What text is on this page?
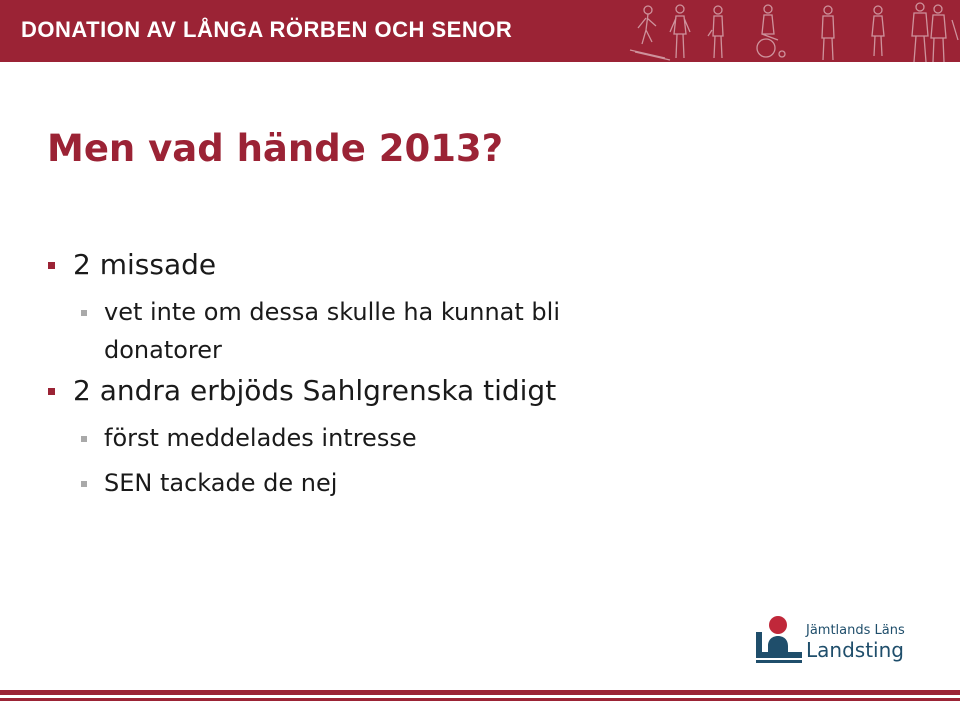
DONATION AV LÅNGA RÖRBEN OCH SENOR
Men vad hände 2013?
2 missade
vet inte om dessa skulle ha kunnat bli
donatorer
2 andra erbjöds Sahlgrenska tidigt
först meddelades intresse
SEN tackade de nej
Jämtlands Läns
Landsting
